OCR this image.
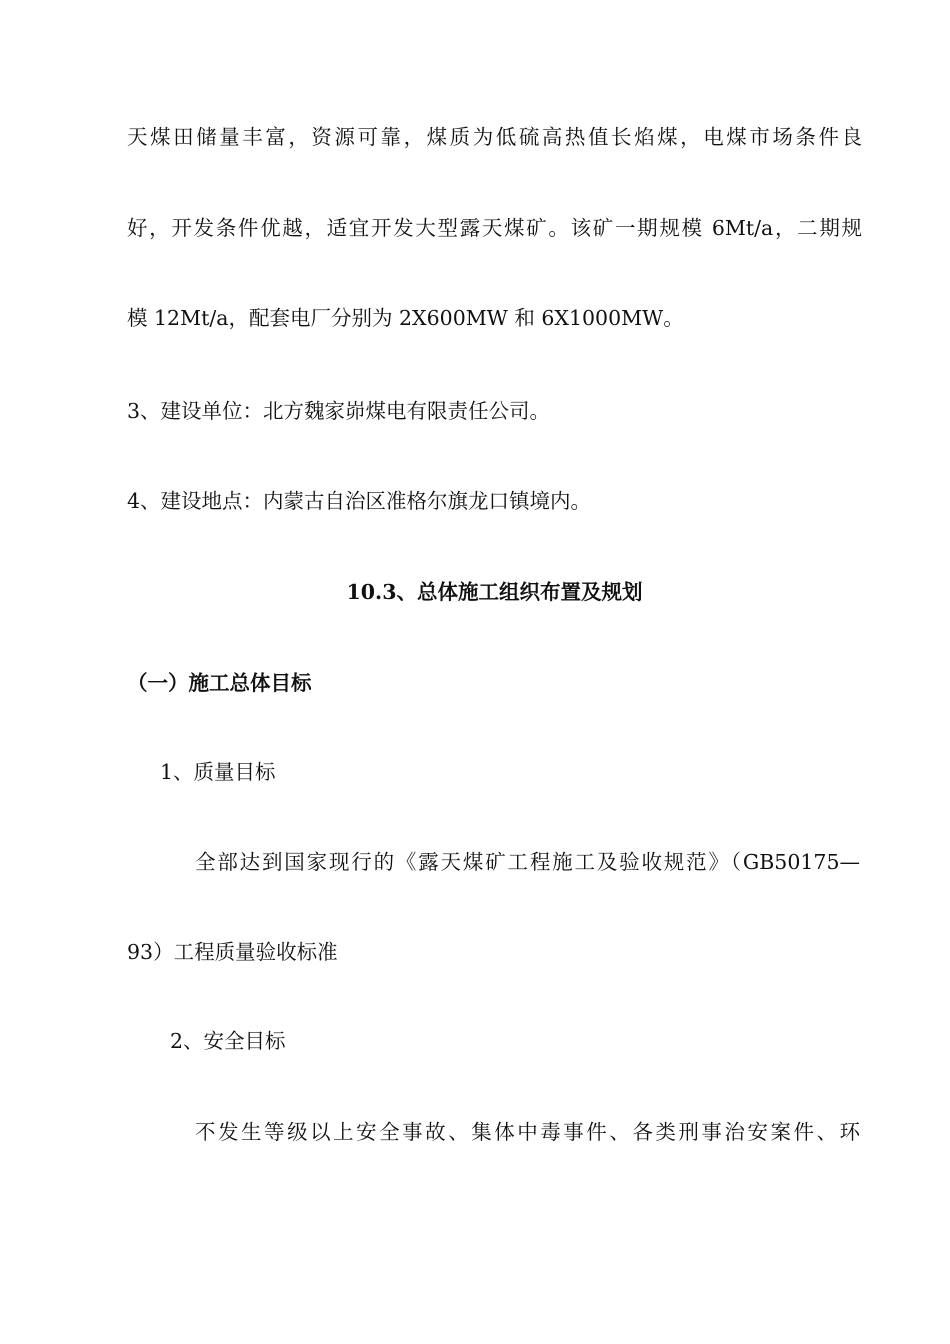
天煤田储量丰富，资源可靠，煤质为低硫高热值长焰煤，电煤市场条件良
好，开发条件优越，适宜开发大型露天煤矿。该矿一期规模 6Mt/a，二期规
模 12Mt/a，配套电厂分别为 2X600MW 和 6X1000MW。
3、建设单位：北方魏家峁煤电有限责任公司。
4、建设地点：内蒙古自治区准格尔旗龙口镇境内。
10.3、总体施工组织布置及规划
（一）施工总体目标
1、质量目标
全部达到国家现行的《露天煤矿工程施工及验收规范》（GB50175—
93）工程质量验收标准
2、安全目标
不发生等级以上安全事故、集体中毒事件、各类刑事治安案件、环
